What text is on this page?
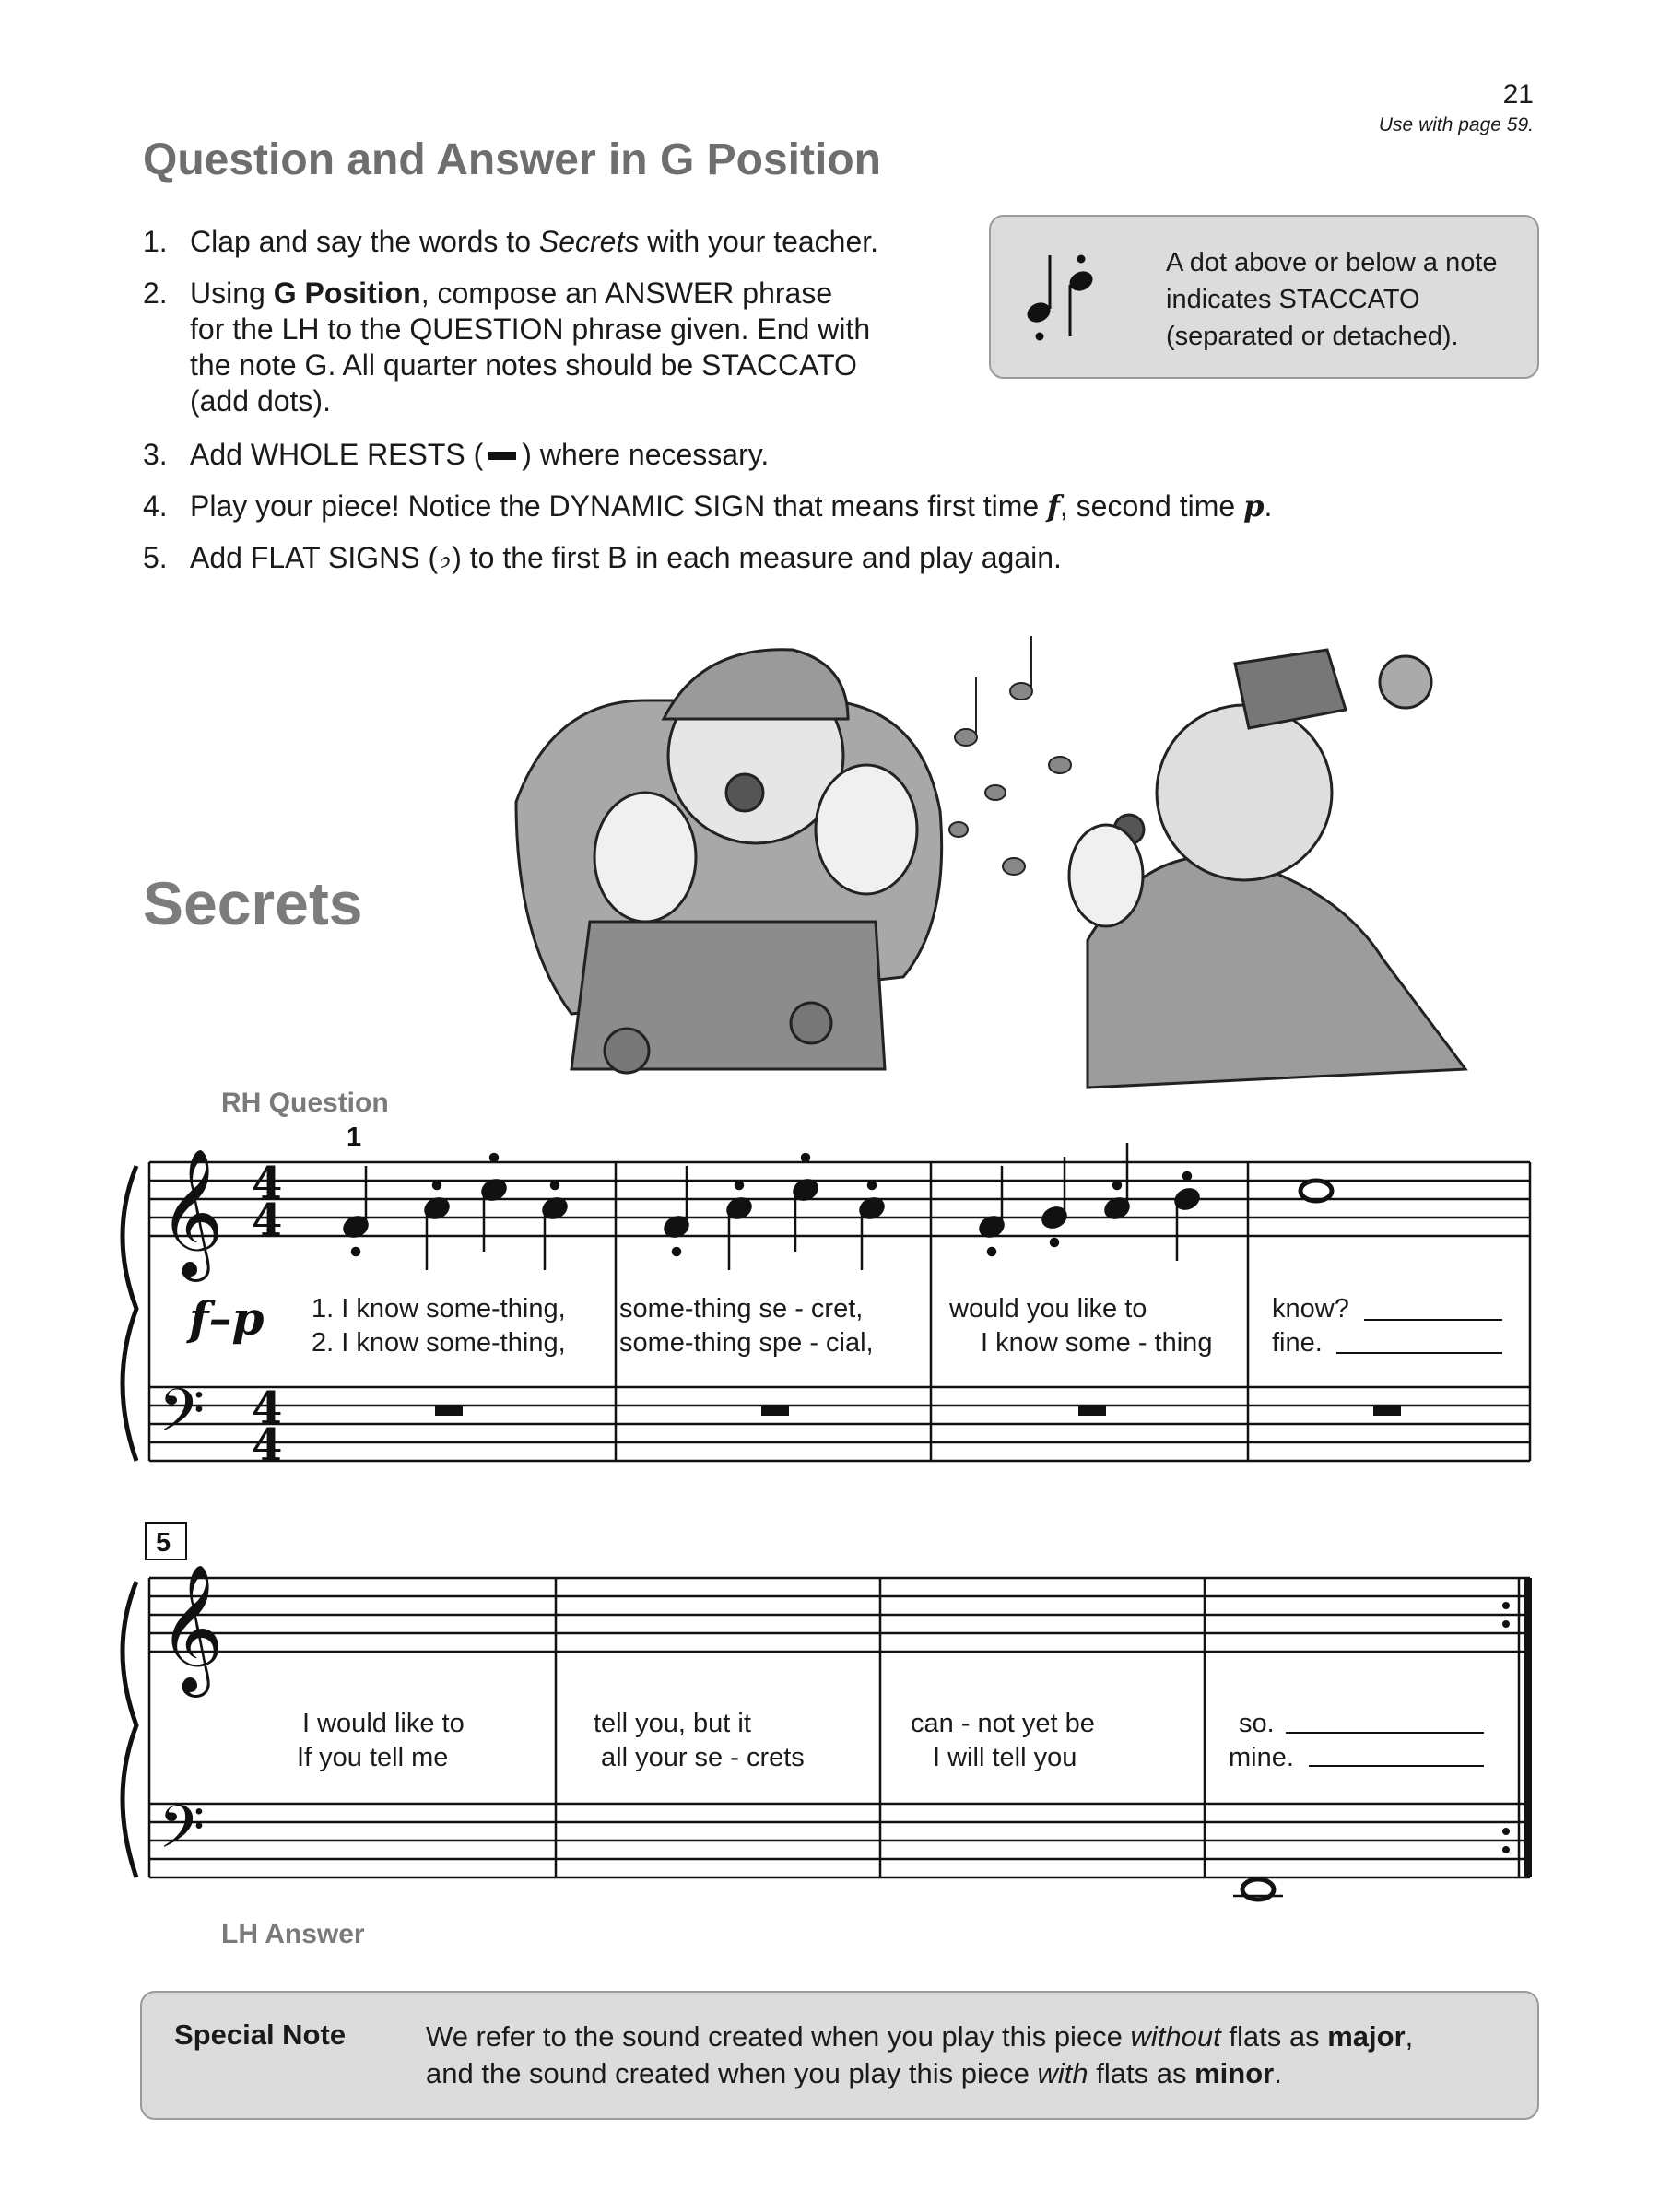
21
Use with page 59.
Question and Answer in G Position
1. Clap and say the words to Secrets with your teacher.
2. Using G Position, compose an ANSWER phrase
for the LH to the QUESTION phrase given. End with
the note G. All quarter notes should be STACCATO
(add dots).
3. Add WHOLE RESTS ( ) where necessary.
4. Play your piece! Notice the DYNAMIC SIGN that means first time f, second time p.
5. Add FLAT SIGNS (♭) to the first B in each measure and play again.
A dot above or below a note
indicates STACCATO
(separated or detached).
Secrets
RH Question
LH Answer
𝄞
𝄢
4
4
4
4
1
f–p
𝄞
𝄢
5
1. I know some-thing, some-thing se - cret,	would you like to	know?
2. I know some-thing, some-thing spe - cial,	I know some - thing fine.
I would like to	tell you, but it	can - not yet be	so.
If you tell me	all your se - crets	I will tell you	mine.
Special Note	We refer to the sound created when you play this piece without flats as major,
and the sound created when you play this piece with flats as minor.
